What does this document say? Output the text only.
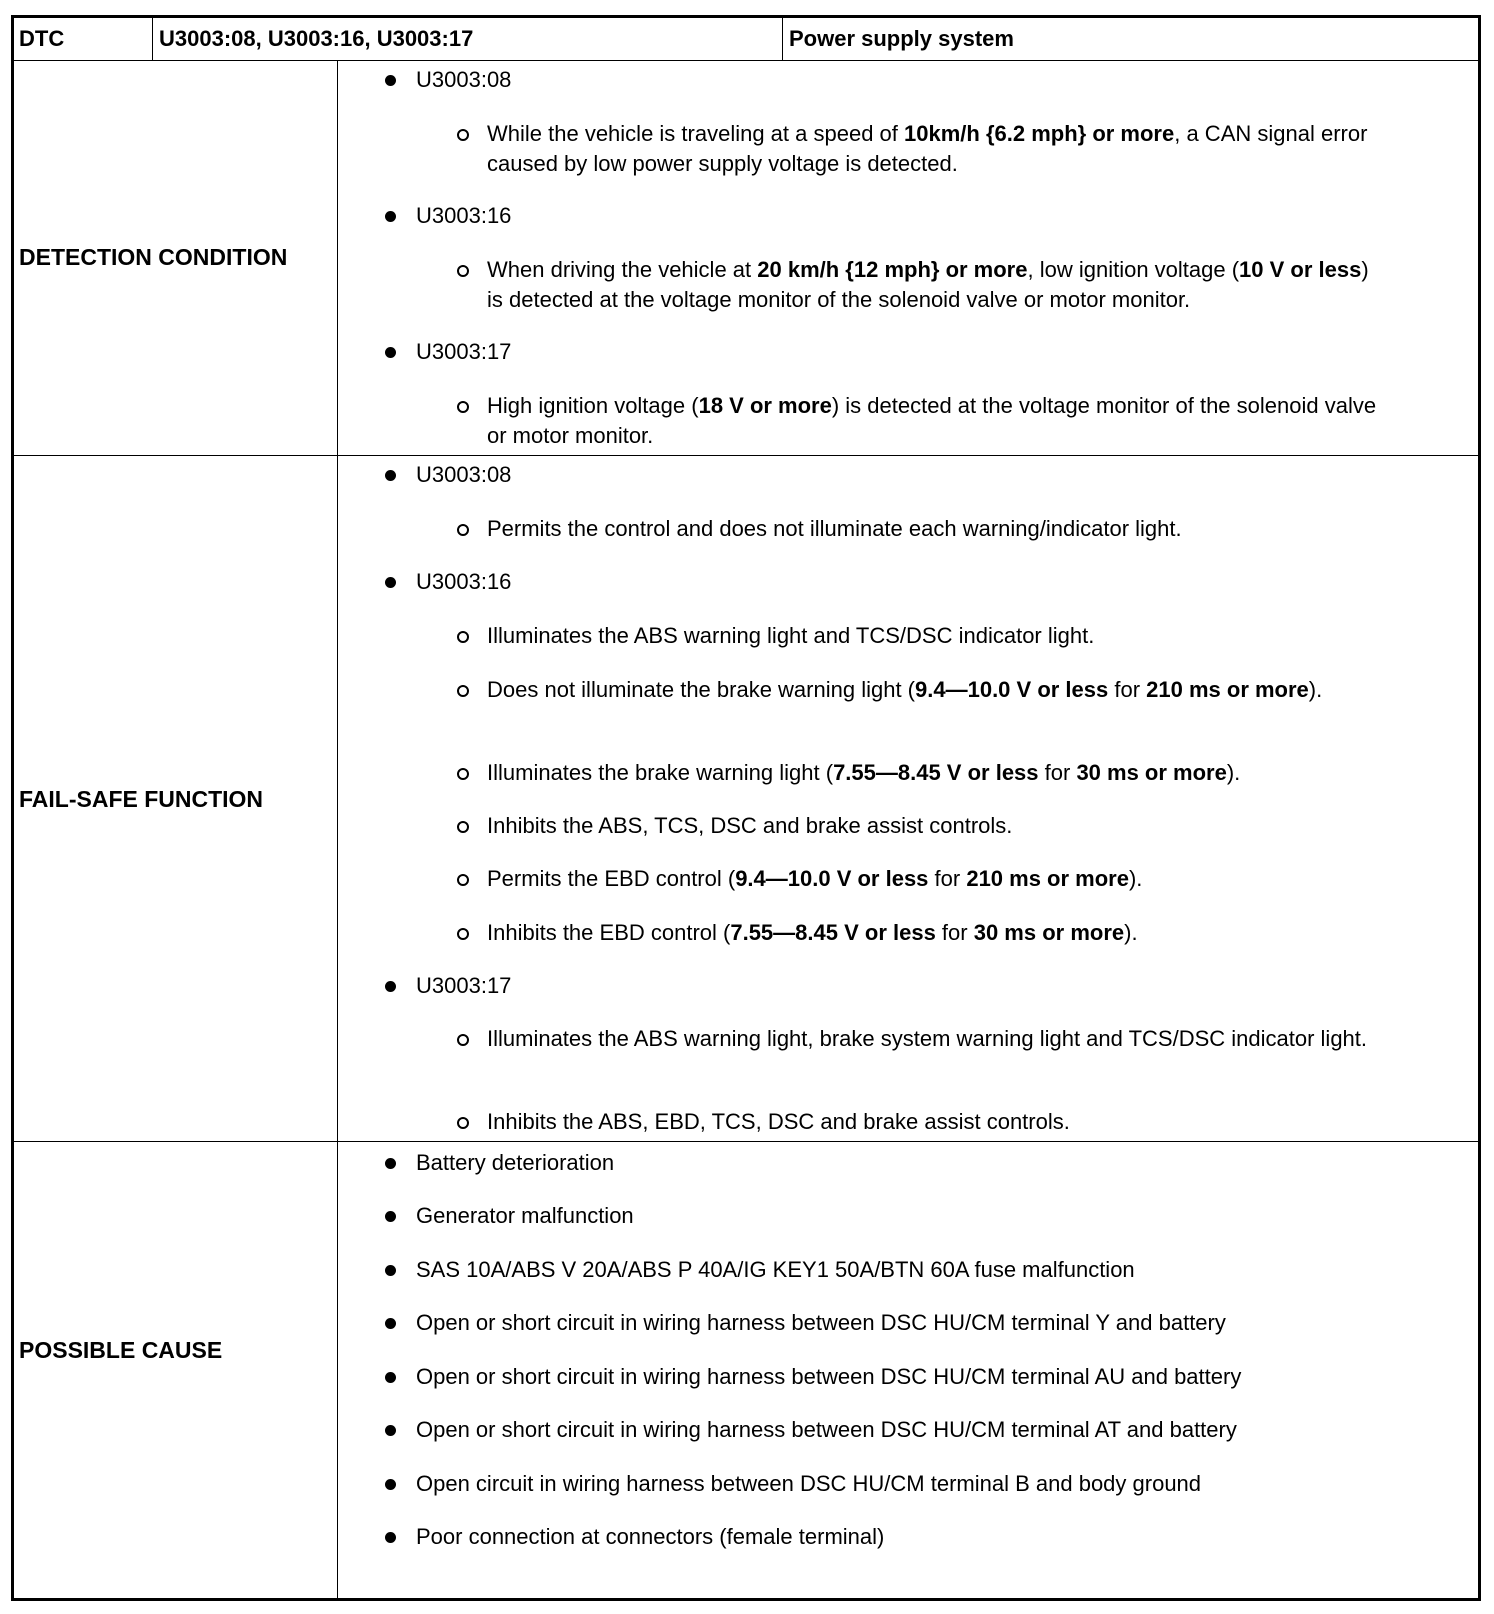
DTC	U3003:08, U3003:16, U3003:17	Power supply system
DETECTION CONDITION
U3003:08
While the vehicle is traveling at a speed of 10km/h {6.2 mph} or more, a CAN signal error caused by low power supply voltage is detected.
U3003:16
When driving the vehicle at 20 km/h {12 mph} or more, low ignition voltage (10 V or less) is detected at the voltage monitor of the solenoid valve or motor monitor.
U3003:17
High ignition voltage (18 V or more) is detected at the voltage monitor of the solenoid valve or motor monitor.
FAIL-SAFE FUNCTION
U3003:08
Permits the control and does not illuminate each warning/indicator light.
U3003:16
Illuminates the ABS warning light and TCS/DSC indicator light.
Does not illuminate the brake warning light (9.4—10.0 V or less for 210 ms or more).
Illuminates the brake warning light (7.55—8.45 V or less for 30 ms or more).
Inhibits the ABS, TCS, DSC and brake assist controls.
Permits the EBD control (9.4—10.0 V or less for 210 ms or more).
Inhibits the EBD control (7.55—8.45 V or less for 30 ms or more).
U3003:17
Illuminates the ABS warning light, brake system warning light and TCS/DSC indicator light.
Inhibits the ABS, EBD, TCS, DSC and brake assist controls.
POSSIBLE CAUSE
Battery deterioration
Generator malfunction
SAS 10A/ABS V 20A/ABS P 40A/IG KEY1 50A/BTN 60A fuse malfunction
Open or short circuit in wiring harness between DSC HU/CM terminal Y and battery
Open or short circuit in wiring harness between DSC HU/CM terminal AU and battery
Open or short circuit in wiring harness between DSC HU/CM terminal AT and battery
Open circuit in wiring harness between DSC HU/CM terminal B and body ground
Poor connection at connectors (female terminal)
